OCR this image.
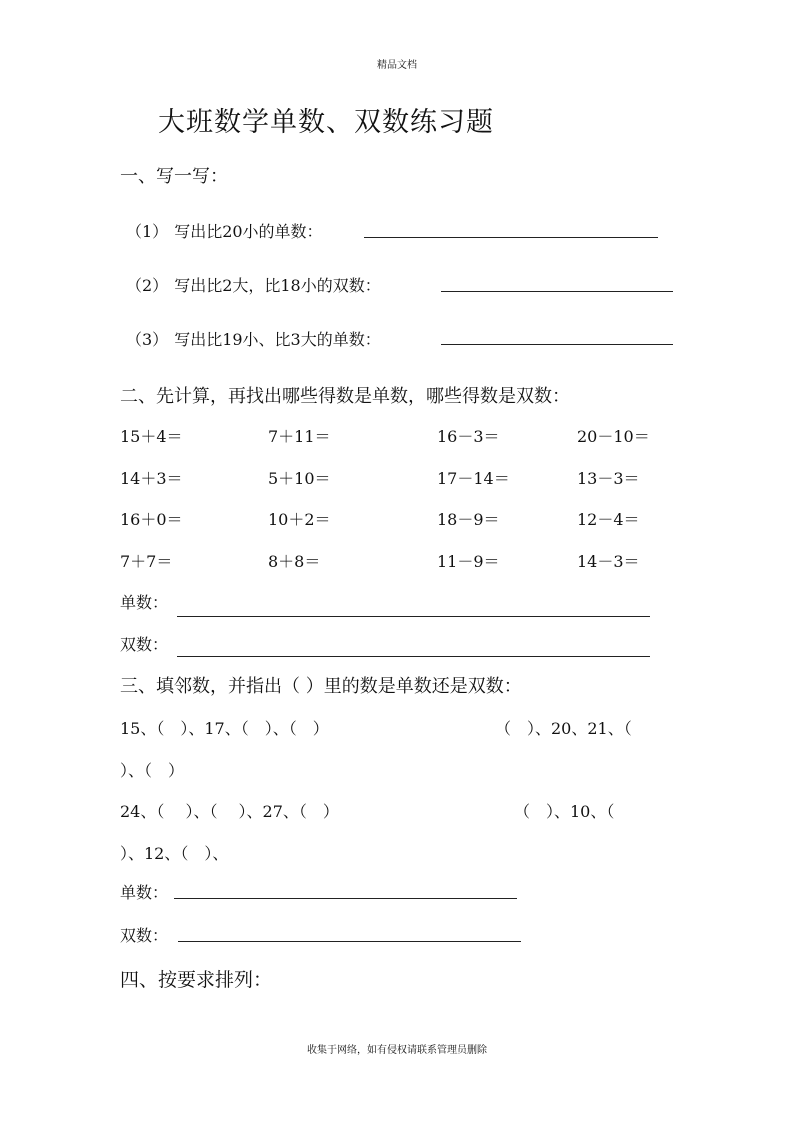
精品文档
大班数学单数、双数练习题
一、写一写：
（1） 写出比20小的单数：
（2） 写出比2大，比18小的双数：
（3） 写出比19小、比3大的单数：
二、先计算，再找出哪些得数是单数，哪些得数是双数：
15＋4＝	7＋11＝	16－3＝	20－10＝
14＋3＝	5＋10＝	17－14＝	13－3＝
16＋0＝	10＋2＝	18－9＝	12－4＝
7＋7＝	8＋8＝	11－9＝	14－3＝
单数：
双数：
三、填邻数，并指出（ ）里的数是单数还是双数：
15、（　）、17、（　）、（　）	（　）、20、21、（
）、（　）
24、（　 ）、（　 ）、27、（　）	（　）、10、（
）、12、（　）、
单数：
双数：
四、按要求排列：
收集于网络，如有侵权请联系管理员删除
